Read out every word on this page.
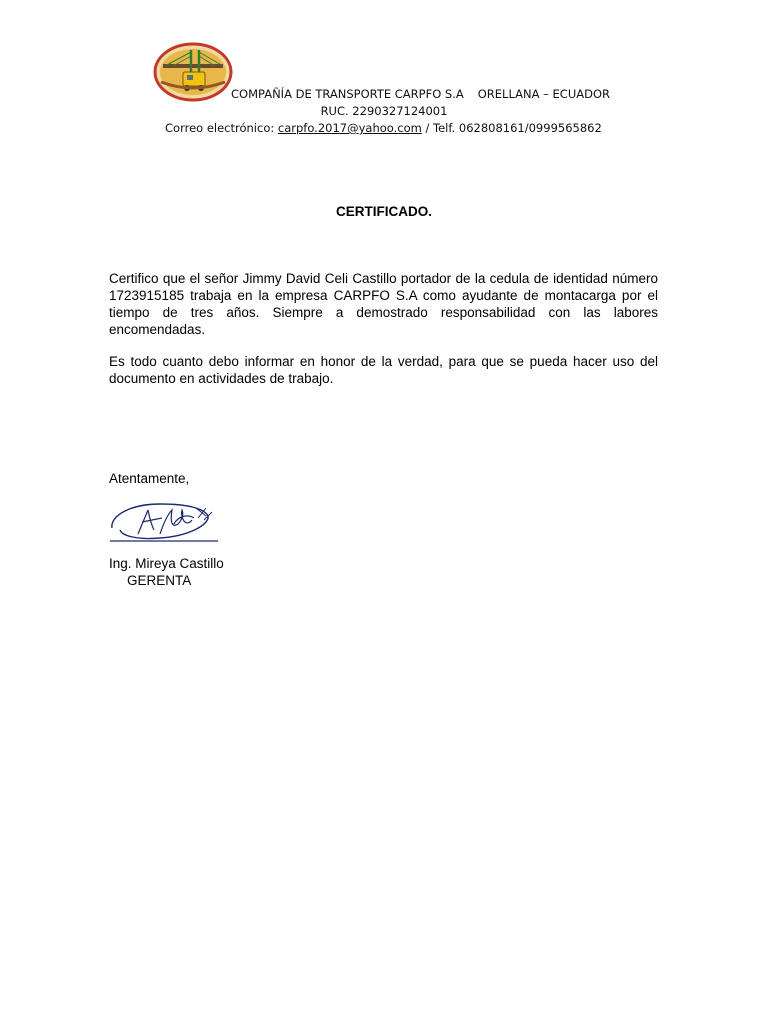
COMPAÑÍA DE TRANSPORTE CARPFO S.A ORELLANA – ECUADOR
RUC. 2290327124001
Correo electrónico: carpfo.2017@yahoo.com / Telf. 062808161/0999565862
CERTIFICADO.

Certifico que el señor Jimmy David Celi Castillo portador de la cedula de identidad número 1723915185 trabaja en la empresa CARPFO S.A como ayudante de montacarga por el tiempo de tres años. Siempre a demostrado responsabilidad con las labores encomendadas.

Es todo cuanto debo informar en honor de la verdad, para que se pueda hacer uso del documento en actividades de trabajo.

Atentamente,
Ing. Mireya Castillo
GERENTA
